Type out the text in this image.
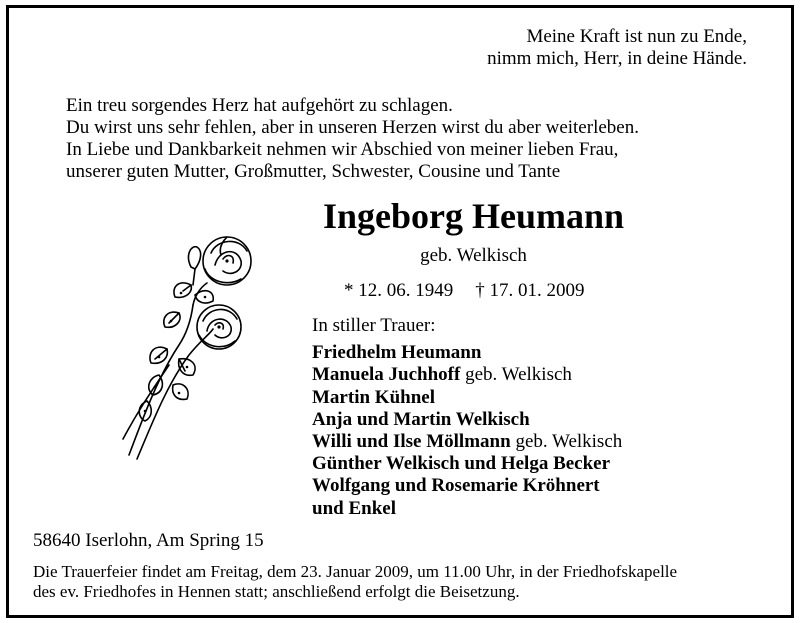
Meine Kraft ist nun zu Ende,
nimm mich, Herr, in deine Hände.
Ein treu sorgendes Herz hat aufgehört zu schlagen.
Du wirst uns sehr fehlen, aber in unseren Herzen wirst du aber weiterleben.
In Liebe und Dankbarkeit nehmen wir Abschied von meiner lieben Frau,
unserer guten Mutter, Großmutter, Schwester, Cousine und Tante
Ingeborg Heumann
geb. Welkisch
* 12. 06. 1949 † 17. 01. 2009
In stiller Trauer:
Friedhelm Heumann
Manuela Juchhoff geb. Welkisch
Martin Kühnel
Anja und Martin Welkisch
Willi und Ilse Möllmann geb. Welkisch
Günther Welkisch und Helga Becker
Wolfgang und Rosemarie Kröhnert
und Enkel
58640 Iserlohn, Am Spring 15
Die Trauerfeier findet am Freitag, dem 23. Januar 2009, um 11.00 Uhr, in der Friedhofskapelle
des ev. Friedhofes in Hennen statt; anschließend erfolgt die Beisetzung.
